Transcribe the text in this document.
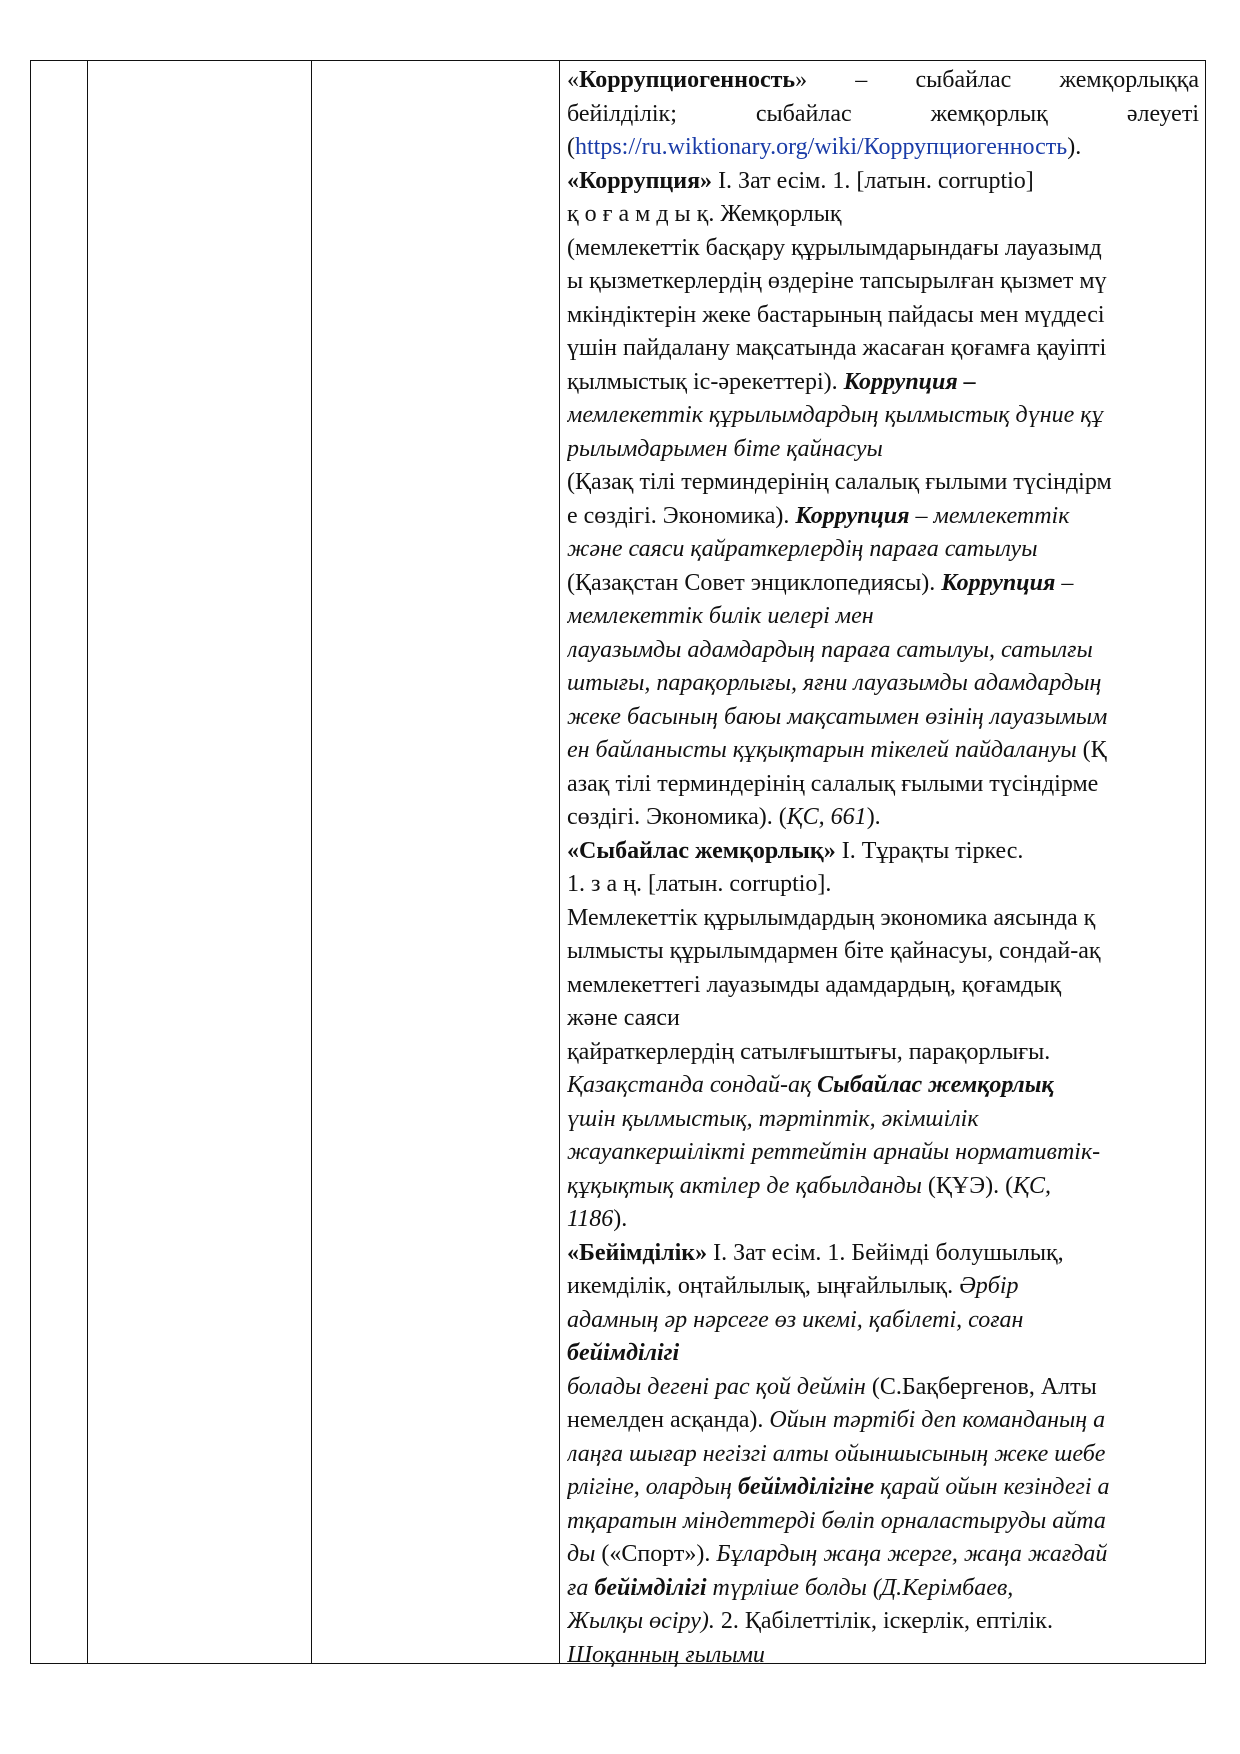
«Коррупциогенность» – сыбайлас жемқорлыққа
бейілділік; сыбайлас жемқорлық әлеуеті
(https://ru.wiktionary.org/wiki/Коррупциогенность).
«Коррупция» І. Зат есім. 1. [латын. corruptio]
қ о ғ а м д ы қ. Жемқорлық
(мемлекеттік басқару құрылымдарындағы лауазымд
ы қызметкерлердің өздеріне тапсырылған қызмет мү
мкіндіктерін жеке бастарының пайдасы мен мүддесі
үшін пайдалану мақсатында жасаған қоғамға қауіпті
қылмыстық іс-әрекеттері). Коррупция –
мемлекеттік құрылымдардың қылмыстық дүние құ
рылымдарымен біте қайнасуы
(Қазақ тілі терминдерінің салалық ғылыми түсіндірм
е сөздігі. Экономика). Коррупция – мемлекеттік
және саяси қайраткерлердің параға сатылуы
(Қазақстан Совет энциклопедиясы). Коррупция –
мемлекеттік билік иелері мен
лауазымды адамдардың параға сатылуы, сатылғы
штығы, парақорлығы, яғни лауазымды адамдардың
жеке басының баюы мақсатымен өзінің лауазымым
ен байланысты құқықтарын тікелей пайдалануы (Қ
азақ тілі терминдерінің салалық ғылыми түсіндірме
сөздігі. Экономика). (ҚС, 661).
«Сыбайлас жемқорлық» І. Тұрақты тіркес.
1. з а ң. [латын. corruptio].
Мемлекеттік құрылымдардың экономика аясында қ
ылмысты құрылымдармен біте қайнасуы, сондай-ақ
мемлекеттегі лауазымды адамдардың, қоғамдық
және саяси
қайраткерлердің сатылғыштығы, парақорлығы.
Қазақстанда сондай-ақ Сыбайлас жемқорлық
үшін қылмыстық, тәртіптік, әкімшілік
жауапкершілікті реттейтін арнайы нормативтік-
құқықтық актілер де қабылданды (ҚҰЭ). (ҚС,
1186).
«Бейімділік» І. Зат есім. 1. Бейімді болушылық,
икемділік, оңтайлылық, ыңғайлылық. Әрбір
адамның әр нәрсеге өз икемі, қабілеті, соған
бейімділігі
болады дегені рас қой деймін (С.Бақбергенов, Алты
немелден асқанда). Ойын тәртібі деп команданың а
лаңға шығар негізгі алты ойыншысының жеке шебе
рлігіне, олардың бейімділігіне қарай ойын кезіндегі а
тқаратын міндеттерді бөліп орналастыруды айта
ды («Спорт»). Бұлардың жаңа жерге, жаңа жағдай
ға бейімділігі түрліше болды (Д.Керімбаев,
Жылқы өсіру). 2. Қабілеттілік, іскерлік, ептілік.
Шоқанның ғылыми
